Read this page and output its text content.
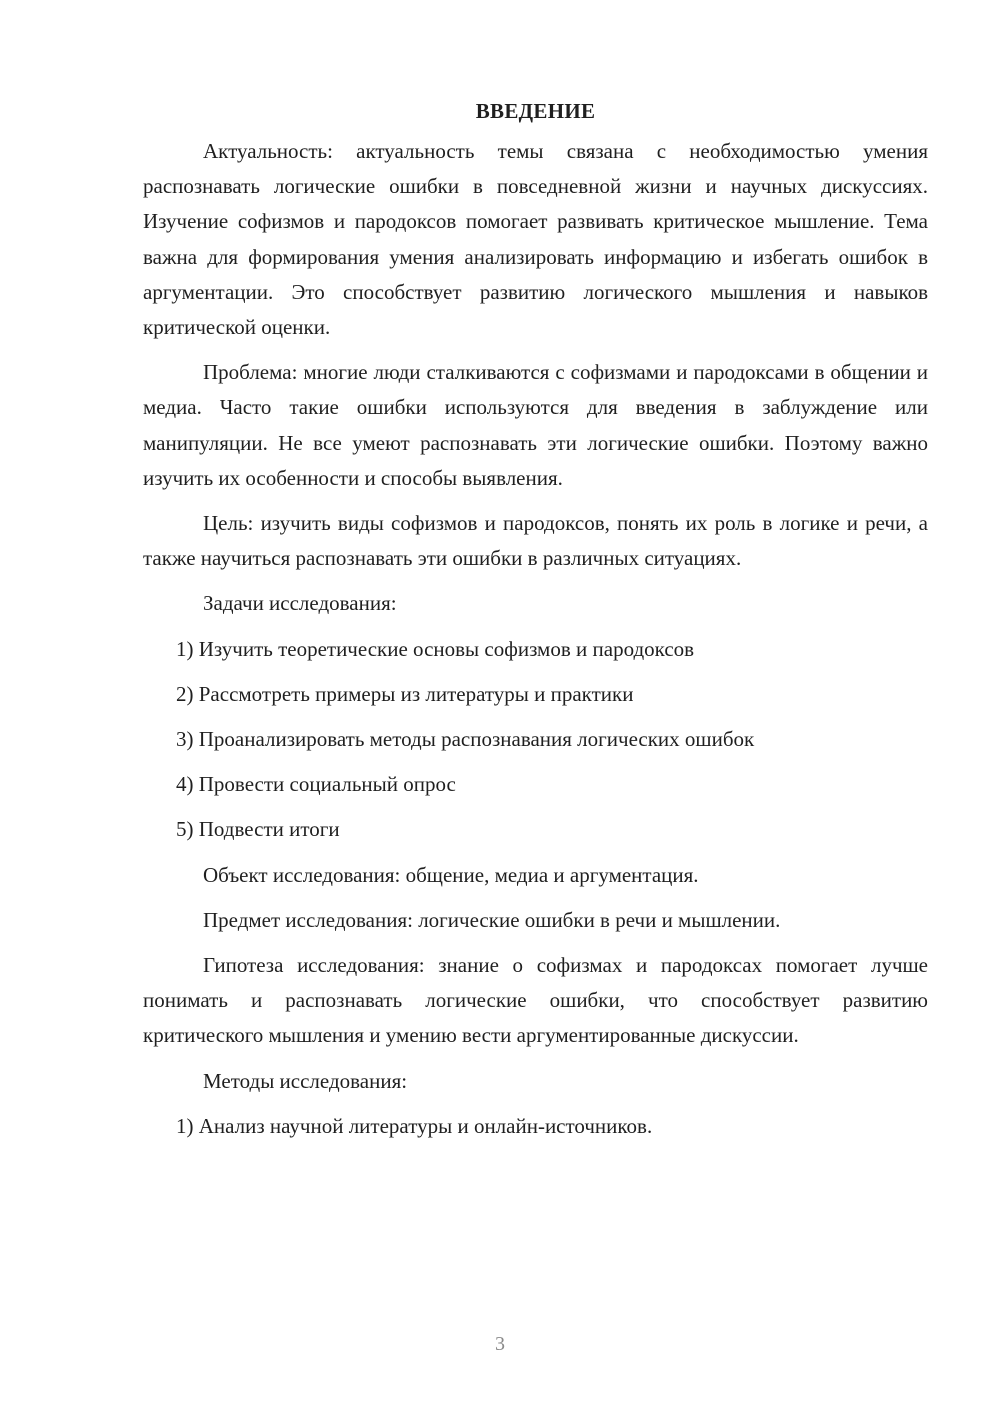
ВВЕДЕНИЕ

Актуальность: актуальность темы связана с необходимостью умения распознавать логические ошибки в повседневной жизни и научных дискуссиях. Изучение софизмов и пародоксов помогает развивать критическое мышление. Тема важна для формирования умения анализировать информацию и избегать ошибок в аргументации. Это способствует развитию логического мышления и навыков критической оценки.

Проблема: многие люди сталкиваются с софизмами и пародоксами в общении и медиа. Часто такие ошибки используются для введения в заблуждение или манипуляции. Не все умеют распознавать эти логические ошибки. Поэтому важно изучить их особенности и способы выявления.

Цель: изучить виды софизмов и пародоксов, понять их роль в логике и речи, а также научиться распознавать эти ошибки в различных ситуациях.

Задачи исследования:

1) Изучить теоретические основы софизмов и пародоксов

2) Рассмотреть примеры из литературы и практики

3) Проанализировать методы распознавания логических ошибок

4) Провести социальный опрос

5) Подвести итоги

Объект исследования: общение, медиа и аргументация.

Предмет исследования: логические ошибки в речи и мышлении.

Гипотеза исследования: знание о софизмах и пародоксах помогает лучше понимать и распознавать логические ошибки, что способствует развитию критического мышления и умению вести аргументированные дискуссии.

Методы исследования:

1) Анализ научной литературы и онлайн-источников.

3
